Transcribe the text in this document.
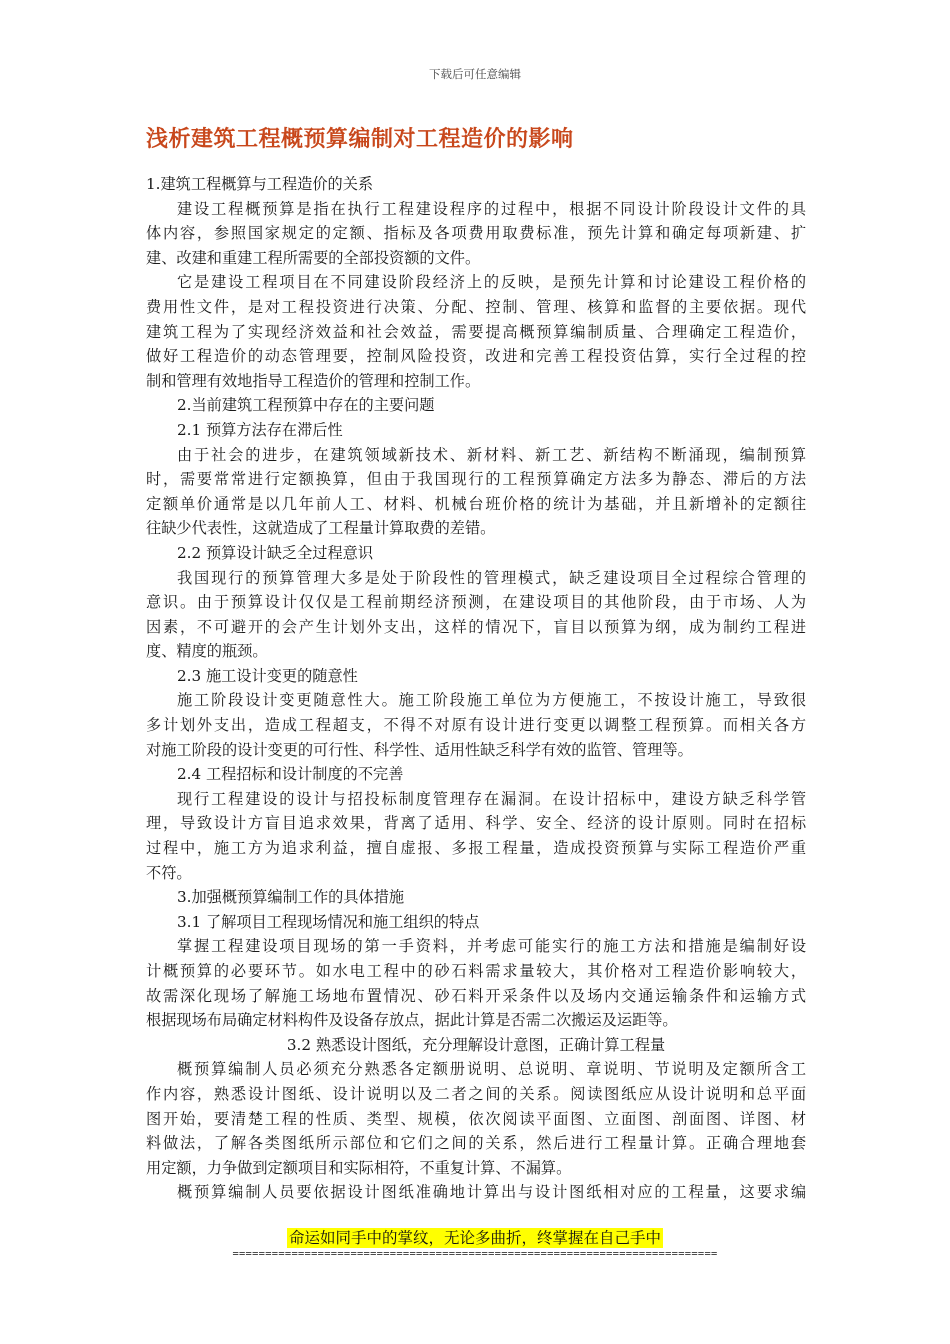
下载后可任意编辑
浅析建筑工程概预算编制对工程造价的影响
1.建筑工程概算与工程造价的关系
建设工程概预算是指在执行工程建设程序的过程中，根据不同设计阶段设计文件的具
体内容，参照国家规定的定额、指标及各项费用取费标准，预先计算和确定每项新建、扩
建、改建和重建工程所需要的全部投资额的文件。
它是建设工程项目在不同建设阶段经济上的反映，是预先计算和讨论建设工程价格的
费用性文件，是对工程投资进行决策、分配、控制、管理、核算和监督的主要依据。现代
建筑工程为了实现经济效益和社会效益，需要提高概预算编制质量、合理确定工程造价，
做好工程造价的动态管理要，控制风险投资，改进和完善工程投资估算，实行全过程的控
制和管理有效地指导工程造价的管理和控制工作。
2.当前建筑工程预算中存在的主要问题
2.1 预算方法存在滞后性
由于社会的进步，在建筑领域新技术、新材料、新工艺、新结构不断涌现，编制预算
时，需要常常进行定额换算，但由于我国现行的工程预算确定方法多为静态、滞后的方法
定额单价通常是以几年前人工、材料、机械台班价格的统计为基础，并且新增补的定额往
往缺少代表性，这就造成了工程量计算取费的差错。
2.2 预算设计缺乏全过程意识
我国现行的预算管理大多是处于阶段性的管理模式，缺乏建设项目全过程综合管理的
意识。由于预算设计仅仅是工程前期经济预测，在建设项目的其他阶段，由于市场、人为
因素，不可避开的会产生计划外支出，这样的情况下，盲目以预算为纲，成为制约工程进
度、精度的瓶颈。
2.3 施工设计变更的随意性
施工阶段设计变更随意性大。施工阶段施工单位为方便施工，不按设计施工，导致很
多计划外支出，造成工程超支，不得不对原有设计进行变更以调整工程预算。而相关各方
对施工阶段的设计变更的可行性、科学性、适用性缺乏科学有效的监管、管理等。
2.4 工程招标和设计制度的不完善
现行工程建设的设计与招投标制度管理存在漏洞。在设计招标中，建设方缺乏科学管
理，导致设计方盲目追求效果，背离了适用、科学、安全、经济的设计原则。同时在招标
过程中，施工方为追求利益，擅自虚报、多报工程量，造成投资预算与实际工程造价严重
不符。
3.加强概预算编制工作的具体措施
3.1 了解项目工程现场情况和施工组织的特点
掌握工程建设项目现场的第一手资料，并考虑可能实行的施工方法和措施是编制好设
计概预算的必要环节。如水电工程中的砂石料需求量较大，其价格对工程造价影响较大，
故需深化现场了解施工场地布置情况、砂石料开采条件以及场内交通运输条件和运输方式
根据现场布局确定材料构件及设备存放点，据此计算是否需二次搬运及运距等。
3.2 熟悉设计图纸，充分理解设计意图，正确计算工程量
概预算编制人员必须充分熟悉各定额册说明、总说明、章说明、节说明及定额所含工
作内容，熟悉设计图纸、设计说明以及二者之间的关系。阅读图纸应从设计说明和总平面
图开始，要清楚工程的性质、类型、规模，依次阅读平面图、立面图、剖面图、详图、材
料做法，了解各类图纸所示部位和它们之间的关系，然后进行工程量计算。正确合理地套
用定额，力争做到定额项目和实际相符，不重复计算、不漏算。
概预算编制人员要依据设计图纸准确地计算出与设计图纸相对应的工程量，这要求编
命运如同手中的掌纹，无论多曲折，终掌握在自己手中
==========================================================================
